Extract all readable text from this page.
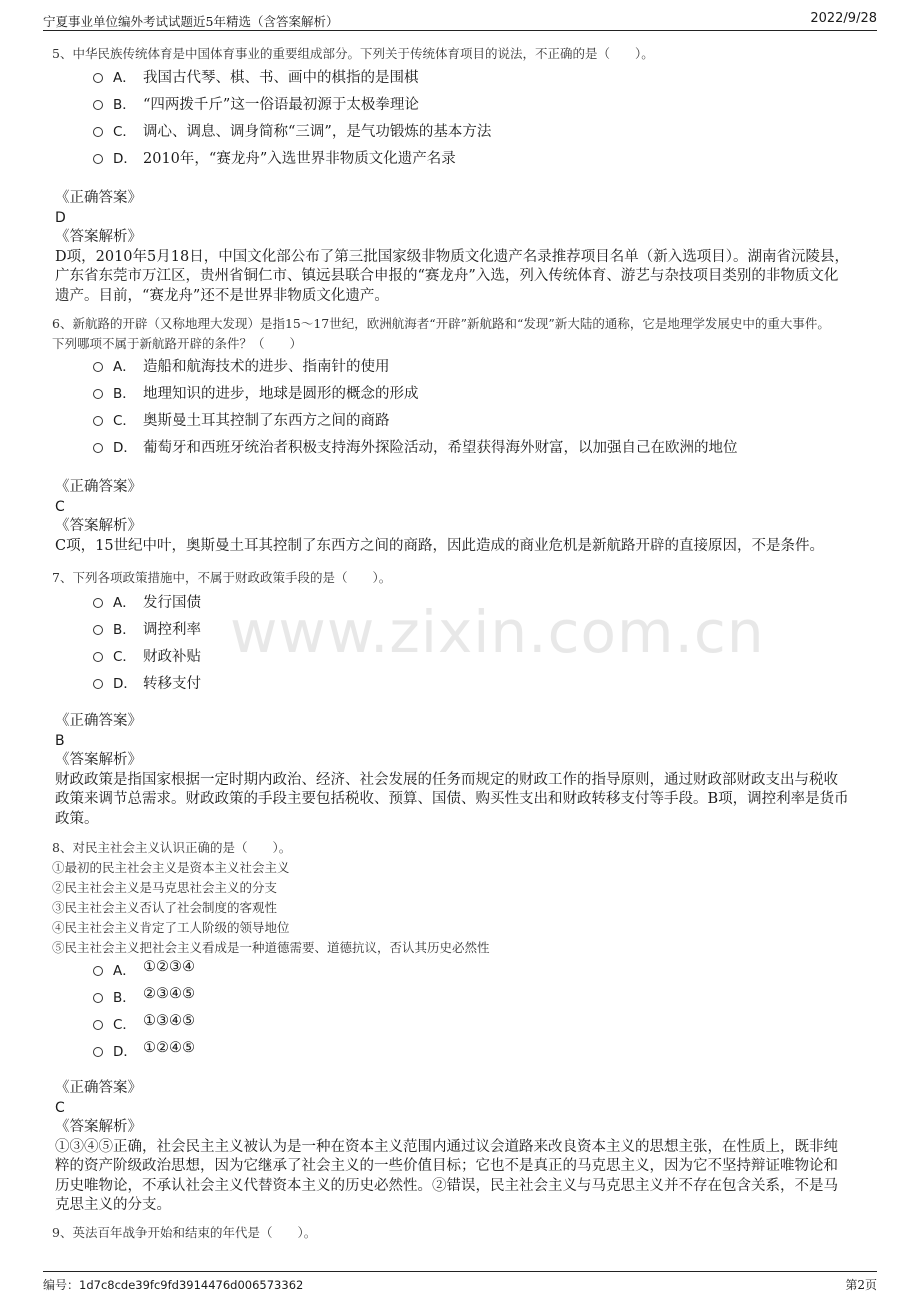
宁夏事业单位编外考试试题近5年精选（含答案解析）	2022/9/28
www.zixin.com.cn
5、中华民族传统体育是中国体育事业的重要组成部分。下列关于传统体育项目的说法，不正确的是（　　）。
A． 我国古代琴、棋、书、画中的棋指的是围棋
B． “四两拨千斤”这一俗语最初源于太极拳理论
C． 调心、调息、调身简称“三调”，是气功锻炼的基本方法
D． 2010年，“赛龙舟”入选世界非物质文化遗产名录
《正确答案》
D
《答案解析》
D项，2010年5月18日，中国文化部公布了第三批国家级非物质文化遗产名录推荐项目名单（新入选项目）。湖南省沅陵县，
广东省东莞市万江区，贵州省铜仁市、镇远县联合申报的“赛龙舟”入选，列入传统体育、游艺与杂技项目类别的非物质文化
遗产。目前，“赛龙舟”还不是世界非物质文化遗产。
6、新航路的开辟（又称地理大发现）是指15～17世纪，欧洲航海者“开辟”新航路和“发现”新大陆的通称，它是地理学发展史中的重大事件。
下列哪项不属于新航路开辟的条件？（　　）
A． 造船和航海技术的进步、指南针的使用
B． 地理知识的进步，地球是圆形的概念的形成
C． 奥斯曼土耳其控制了东西方之间的商路
D． 葡萄牙和西班牙统治者积极支持海外探险活动，希望获得海外财富，以加强自己在欧洲的地位
《正确答案》
C
《答案解析》
C项，15世纪中叶，奥斯曼土耳其控制了东西方之间的商路，因此造成的商业危机是新航路开辟的直接原因，不是条件。
7、下列各项政策措施中，不属于财政政策手段的是（　　）。
A． 发行国债
B． 调控利率
C． 财政补贴
D． 转移支付
《正确答案》
B
《答案解析》
财政政策是指国家根据一定时期内政治、经济、社会发展的任务而规定的财政工作的指导原则，通过财政部财政支出与税收
政策来调节总需求。财政政策的手段主要包括税收、预算、国债、购买性支出和财政转移支付等手段。B项，调控利率是货币
政策。
8、对民主社会主义认识正确的是（　　）。
①最初的民主社会主义是资本主义社会主义
②民主社会主义是马克思社会主义的分支
③民主社会主义否认了社会制度的客观性
④民主社会主义肯定了工人阶级的领导地位
⑤民主社会主义把社会主义看成是一种道德需要、道德抗议，否认其历史必然性
A． ①②③④
B． ②③④⑤
C． ①③④⑤
D． ①②④⑤
《正确答案》
C
《答案解析》
①③④⑤正确，社会民主主义被认为是一种在资本主义范围内通过议会道路来改良资本主义的思想主张，在性质上，既非纯
粹的资产阶级政治思想，因为它继承了社会主义的一些价值目标；它也不是真正的马克思主义，因为它不坚持辩证唯物论和
历史唯物论，不承认社会主义代替资本主义的历史必然性。②错误，民主社会主义与马克思主义并不存在包含关系，不是马
克思主义的分支。
9、英法百年战争开始和结束的年代是（　　）。
编号：1d7c8cde39fc9fd3914476d006573362	第2页
